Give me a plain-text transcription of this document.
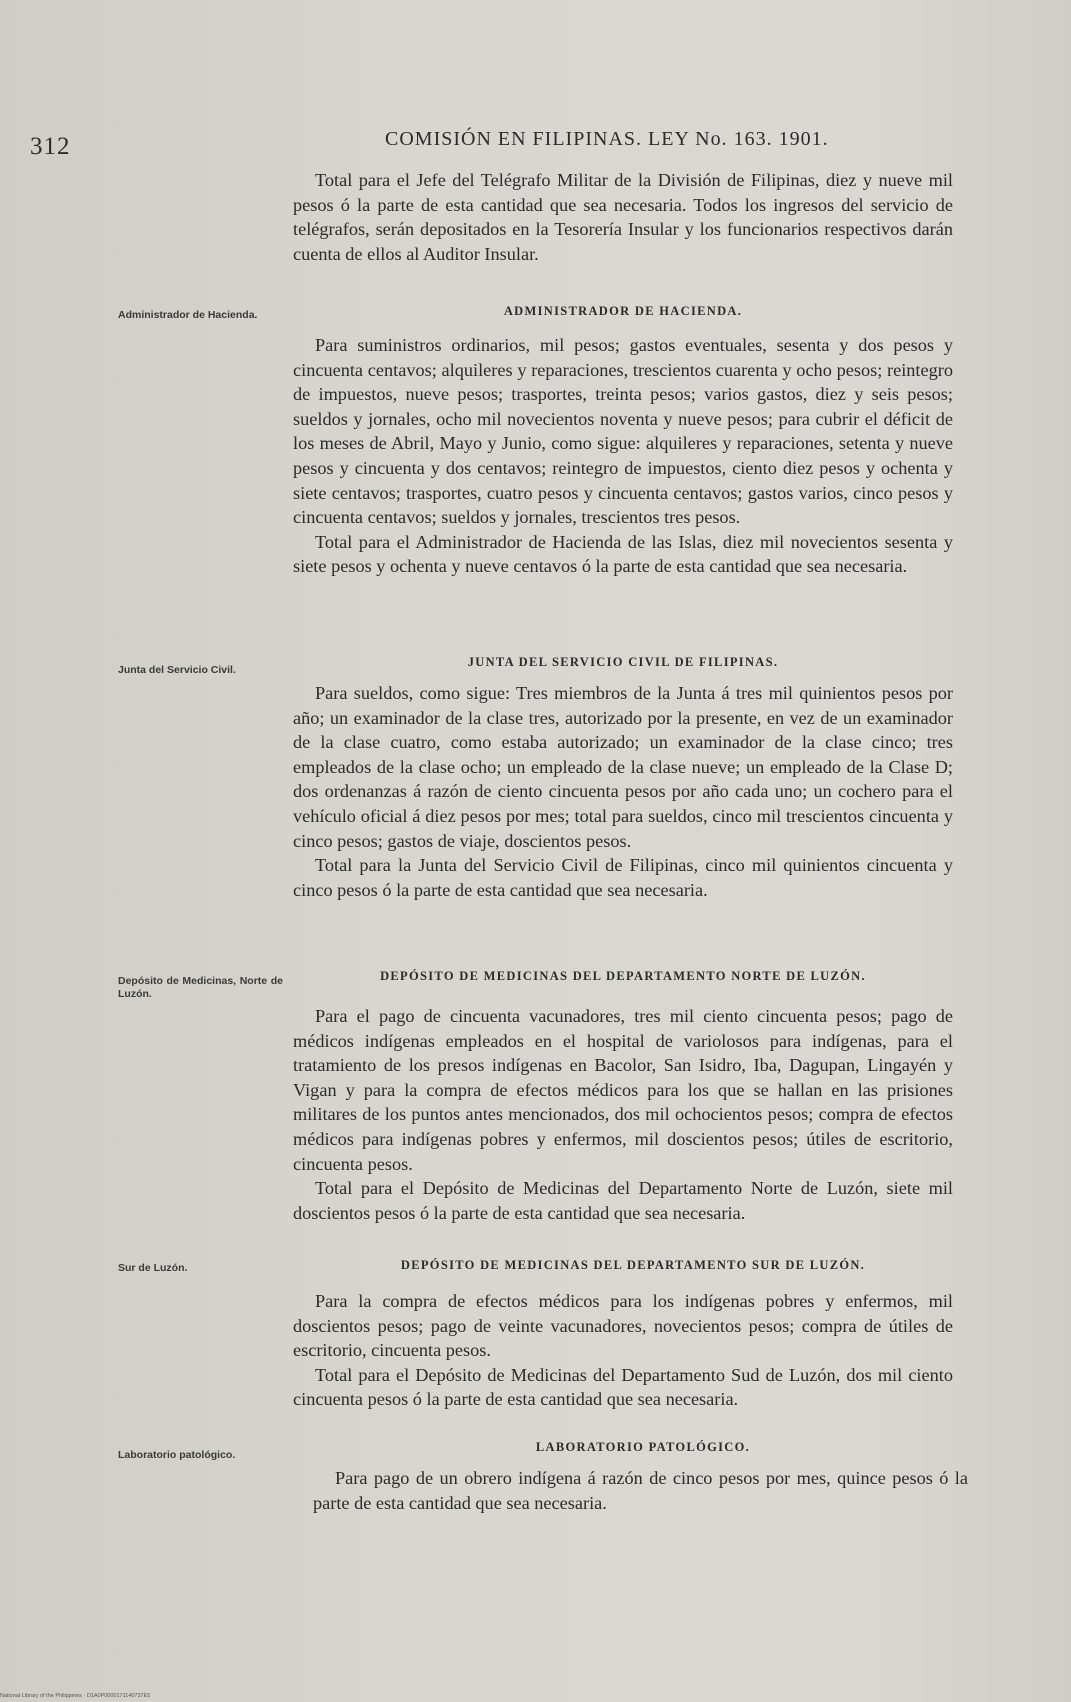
312	COMISIÓN EN FILIPINAS. LEY No. 163. 1901.

Total para el Jefe del Telégrafo Militar de la División de Filipinas, diez y nueve mil pesos ó la parte de esta cantidad que sea necesaria. Todos los ingresos del servicio de telégrafos, serán depositados en la Tesorería Insular y los funcionarios respectivos darán cuenta de ellos al Auditor Insular.

Administrador de Hacienda.	ADMINISTRADOR DE HACIENDA.

Para suministros ordinarios, mil pesos; gastos eventuales, sesenta y dos pesos y cincuenta centavos; alquileres y reparaciones, trescientos cuarenta y ocho pesos; reintegro de impuestos, nueve pesos; trasportes, treinta pesos; varios gastos, diez y seis pesos; sueldos y jornales, ocho mil novecientos noventa y nueve pesos; para cubrir el déficit de los meses de Abril, Mayo y Junio, como sigue: alquileres y reparaciones, setenta y nueve pesos y cincuenta y dos centavos; reintegro de impuestos, ciento diez pesos y ochenta y siete centavos; trasportes, cuatro pesos y cincuenta centavos; gastos varios, cinco pesos y cincuenta centavos; sueldos y jornales, trescientos tres pesos.

Total para el Administrador de Hacienda de las Islas, diez mil novecientos sesenta y siete pesos y ochenta y nueve centavos ó la parte de esta cantidad que sea necesaria.

Junta del Servicio Civil.
JUNTA DEL SERVICIO CIVIL DE FILIPINAS.

Para sueldos, como sigue: Tres miembros de la Junta á tres mil quinientos pesos por año; un examinador de la clase tres, autorizado por la presente, en vez de un examinador de la clase cuatro, como estaba autorizado; un examinador de la clase cinco; tres empleados de la clase ocho; un empleado de la clase nueve; un empleado de la Clase D; dos ordenanzas á razón de ciento cincuenta pesos por año cada uno; un cochero para el vehículo oficial á diez pesos por mes; total para sueldos, cinco mil trescientos cincuenta y cinco pesos; gastos de viaje, doscientos pesos.

Total para la Junta del Servicio Civil de Filipinas, cinco mil quinientos cincuenta y cinco pesos ó la parte de esta cantidad que sea necesaria.

Depósito de Medicinas, Norte de Luzón.
DEPÓSITO DE MEDICINAS DEL DEPARTAMENTO NORTE DE LUZÓN.

Para el pago de cincuenta vacunadores, tres mil ciento cincuenta pesos; pago de médicos indígenas empleados en el hospital de variolosos para indígenas, para el tratamiento de los presos indígenas en Bacolor, San Isidro, Iba, Dagupan, Lingayén y Vigan y para la compra de efectos médicos para los que se hallan en las prisiones militares de los puntos antes mencionados, dos mil ochocientos pesos; compra de efectos médicos para indígenas pobres y enfermos, mil doscientos pesos; útiles de escritorio, cincuenta pesos.

Total para el Depósito de Medicinas del Departamento Norte de Luzón, siete mil doscientos pesos ó la parte de esta cantidad que sea necesaria.

Sur de Luzón.	DEPÓSITO DE MEDICINAS DEL DEPARTAMENTO SUR DE LUZÓN.

Para la compra de efectos médicos para los indígenas pobres y enfermos, mil doscientos pesos; pago de veinte vacunadores, novecientos pesos; compra de útiles de escritorio, cincuenta pesos.

Total para el Depósito de Medicinas del Departamento Sud de Luzón, dos mil ciento cincuenta pesos ó la parte de esta cantidad que sea necesaria.

Laboratorio patológico.
LABORATORIO PATOLÓGICO.

Para pago de un obrero indígena á razón de cinco pesos por mes, quince pesos ó la parte de esta cantidad que sea necesaria.

National Library of the Philippines · D1A0P0000171140737E5
